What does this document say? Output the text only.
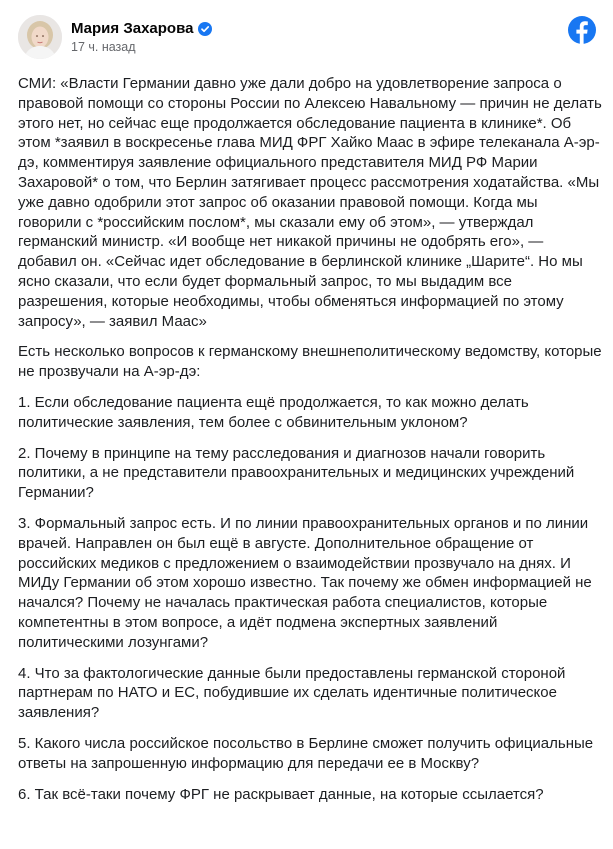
Мария Захарова
17 ч. назад

СМИ: «Власти Германии давно уже дали добро на удовлетворение запроса о правовой помощи со стороны России по Алексею Навальному — причин не делать этого нет, но сейчас еще продолжается обследование пациента в клинике*. Об этом *заявил в воскресенье глава МИД ФРГ Хайко Маас в эфире телеканала А-эр-дэ, комментируя заявление официального представителя МИД РФ Марии Захаровой* о том, что Берлин затягивает процесс рассмотрения ходатайства. «Мы уже давно одобрили этот запрос об оказании правовой помощи. Когда мы говорили с *российским послом*, мы сказали ему об этом», — утверждал германский министр. «И вообще нет никакой причины не одобрять его», — добавил он. «Сейчас идет обследование в берлинской клинике „Шарите“. Но мы ясно сказали, что если будет формальный запрос, то мы выдадим все разрешения, которые необходимы, чтобы обменяться информацией по этому запросу», — заявил Маас»

Есть несколько вопросов к германскому внешнеполитическому ведомству, которые не прозвучали на А-эр-дэ:

1. Если обследование пациента ещё продолжается, то как можно делать политические заявления, тем более с обвинительным уклоном?

2. Почему в принципе на тему расследования и диагнозов начали говорить политики, а не представители правоохранительных и медицинских учреждений Германии?

3. Формальный запрос есть. И по линии правоохранительных органов и по линии врачей. Направлен он был ещё в августе. Дополнительное обращение от российских медиков с предложением о взаимодействии прозвучало на днях. И МИДу Германии об этом хорошо известно. Так почему же обмен информацией не начался? Почему не началась практическая работа специалистов, которые компетентны в этом вопросе, а идёт подмена экспертных заявлений политическими лозунгами?

4. Что за фактологические данные были предоставлены германской стороной партнерам по НАТО и ЕС, побудившие их сделать идентичные политическое заявления?

5. Какого числа российское посольство в Берлине сможет получить официальные ответы на запрошенную информацию для передачи ее в Москву?

6. Так всё-таки почему ФРГ не раскрывает данные, на которые ссылается?
